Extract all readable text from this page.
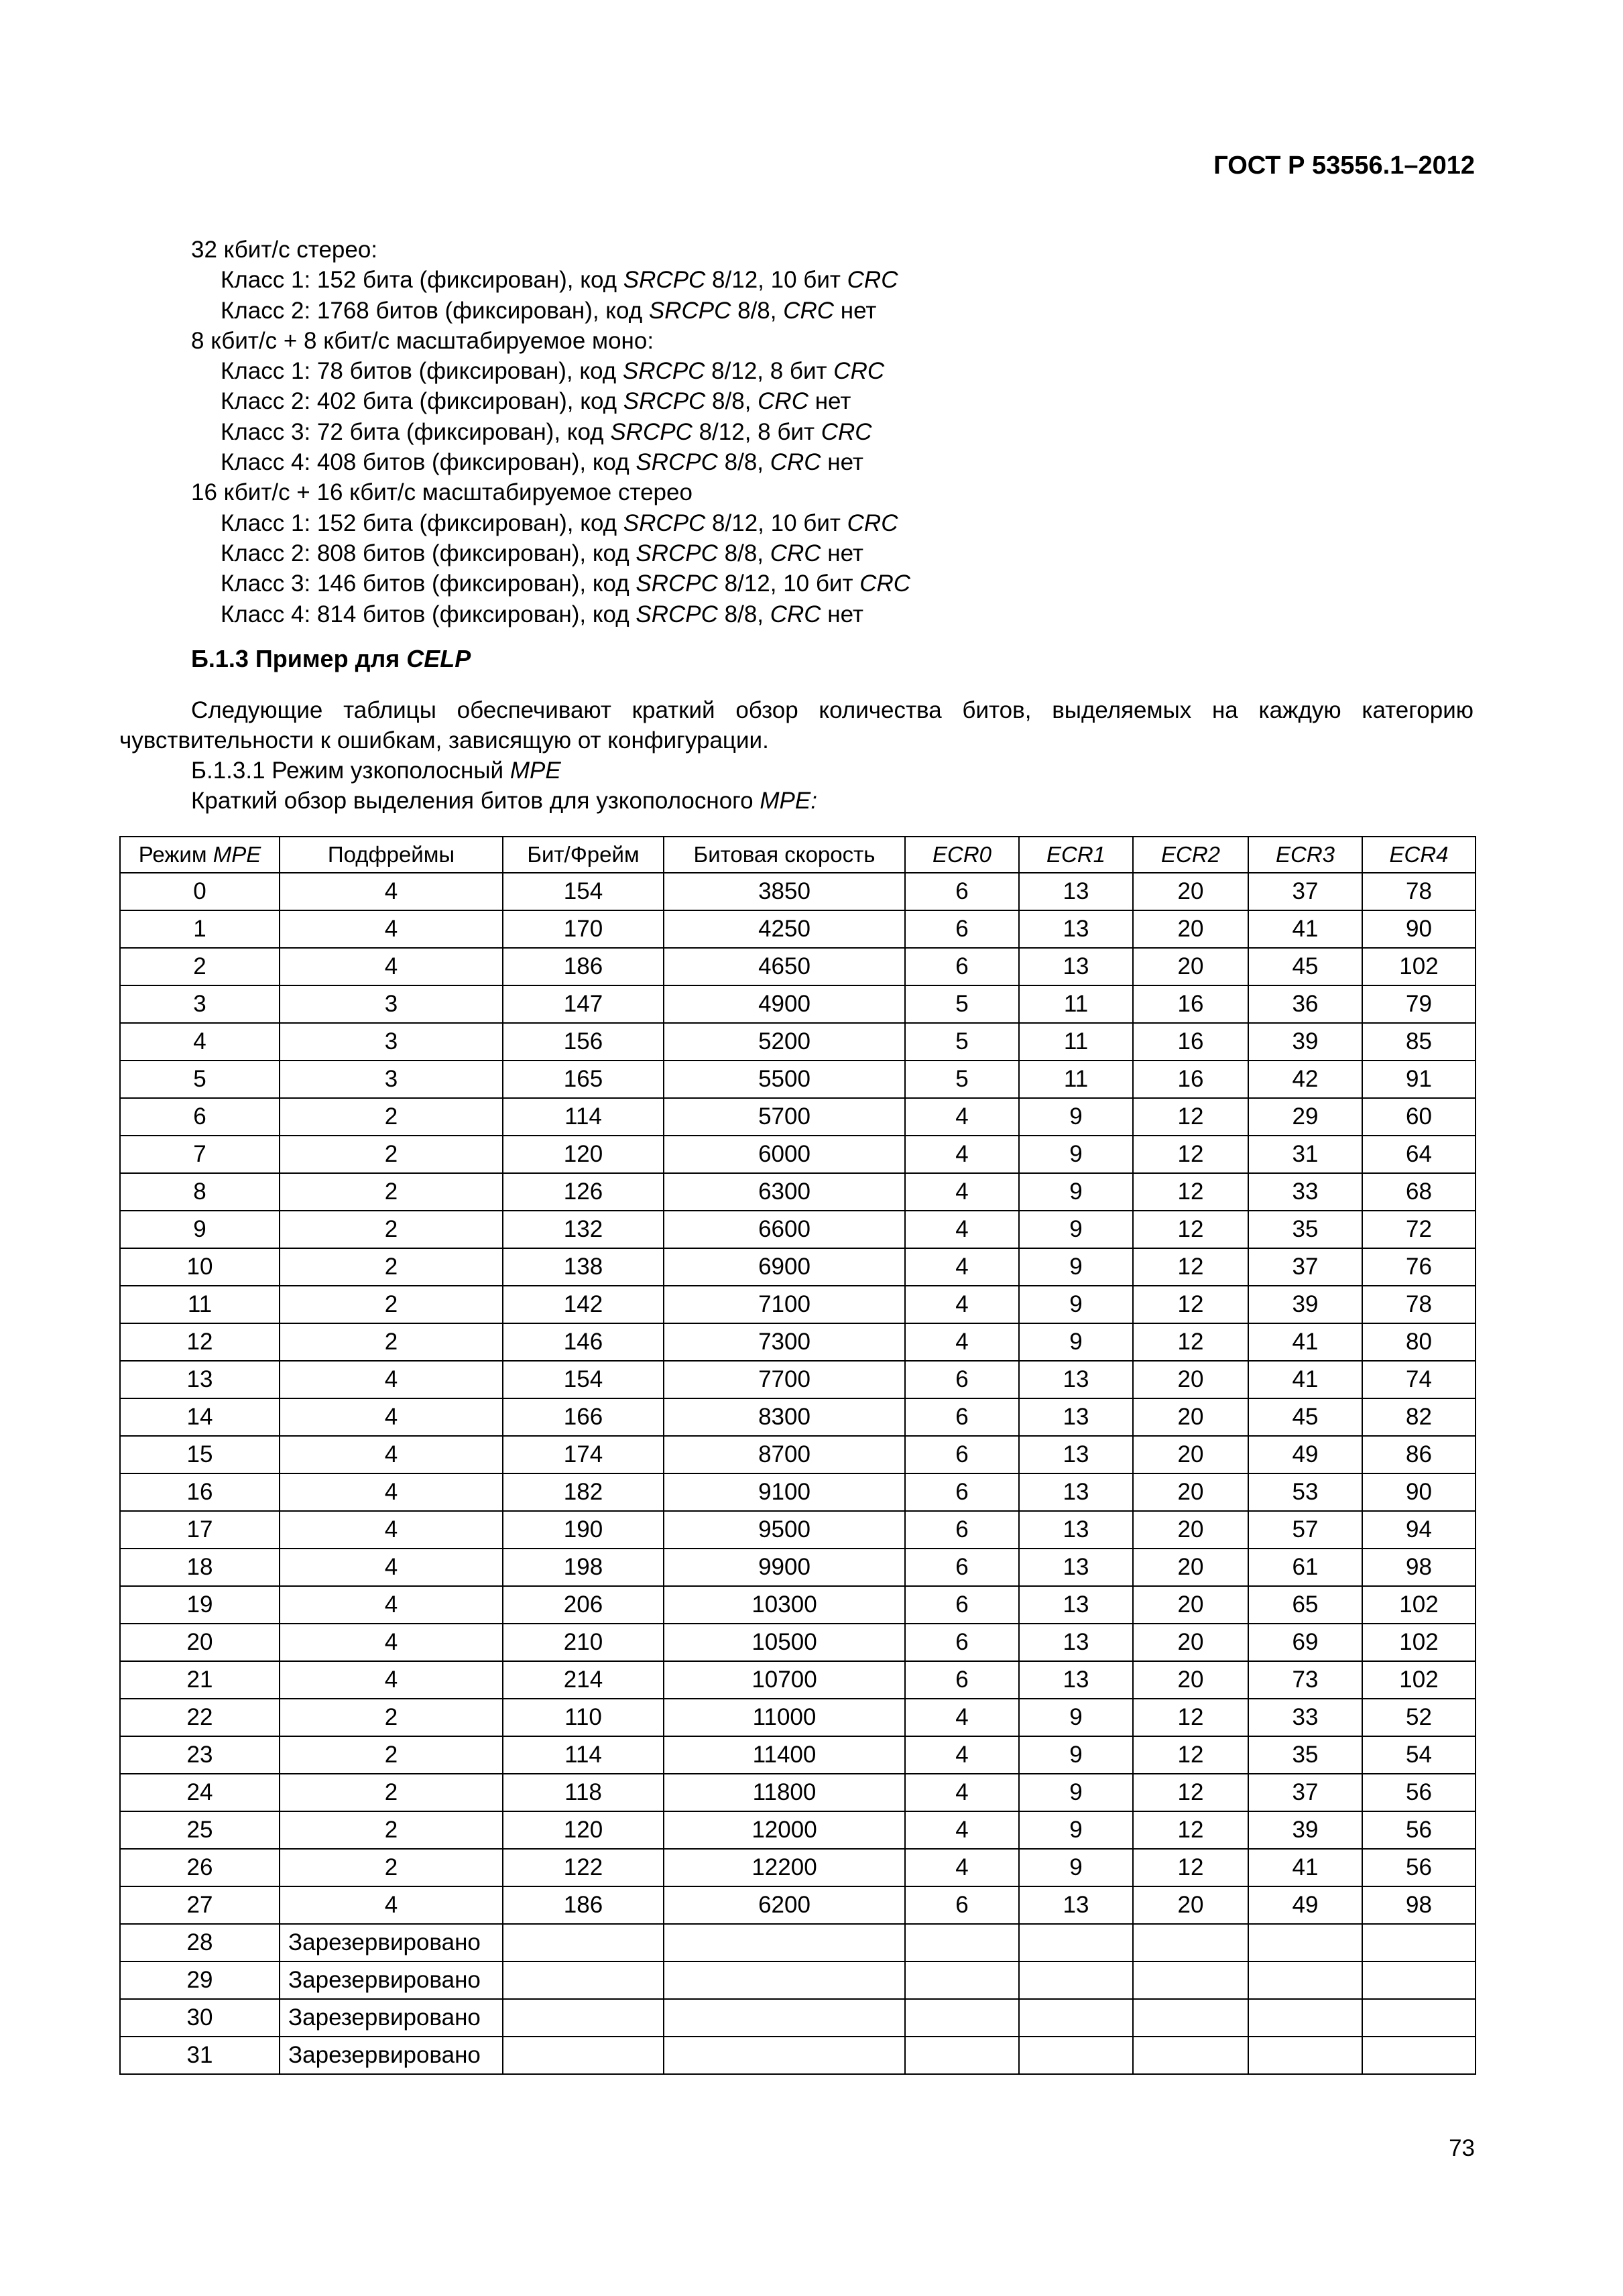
ГОСТ Р 53556.1–2012
32 кбит/с стерео:
Класс 1: 152 бита (фиксирован), код SRCPC 8/12, 10 бит CRC
Класс 2: 1768 битов (фиксирован), код SRCPC 8/8, CRC нет
8 кбит/с + 8 кбит/с масштабируемое моно:
Класс 1: 78 битов (фиксирован), код SRCPC 8/12, 8 бит CRC
Класс 2: 402 бита (фиксирован), код SRCPC 8/8, CRC нет
Класс 3: 72 бита (фиксирован), код SRCPC 8/12, 8 бит CRC
Класс 4: 408 битов (фиксирован), код SRCPC 8/8, CRC нет
16 кбит/с + 16 кбит/с масштабируемое стерео
Класс 1: 152 бита (фиксирован), код SRCPC 8/12, 10 бит CRC
Класс 2: 808 битов (фиксирован), код SRCPC 8/8, CRC нет
Класс 3: 146 битов (фиксирован), код SRCPC 8/12, 10 бит CRC
Класс 4: 814 битов (фиксирован), код SRCPC 8/8, CRC нет
Б.1.3 Пример для CELP
Следующие таблицы обеспечивают краткий обзор количества битов, выделяемых на каждую категорию чувствительности к ошибкам, зависящую от конфигурации.
Б.1.3.1 Режим узкополосный MPE
Краткий обзор выделения битов для узкополосного MPE:
Режим MPE	Подфреймы	Бит/Фрейм	Битовая скорость	ECR0	ECR1	ECR2	ECR3	ECR4
0	4	154	3850	6	13	20	37	78
1	4	170	4250	6	13	20	41	90
2	4	186	4650	6	13	20	45	102
3	3	147	4900	5	11	16	36	79
4	3	156	5200	5	11	16	39	85
5	3	165	5500	5	11	16	42	91
6	2	114	5700	4	9	12	29	60
7	2	120	6000	4	9	12	31	64
8	2	126	6300	4	9	12	33	68
9	2	132	6600	4	9	12	35	72
10	2	138	6900	4	9	12	37	76
11	2	142	7100	4	9	12	39	78
12	2	146	7300	4	9	12	41	80
13	4	154	7700	6	13	20	41	74
14	4	166	8300	6	13	20	45	82
15	4	174	8700	6	13	20	49	86
16	4	182	9100	6	13	20	53	90
17	4	190	9500	6	13	20	57	94
18	4	198	9900	6	13	20	61	98
19	4	206	10300	6	13	20	65	102
20	4	210	10500	6	13	20	69	102
21	4	214	10700	6	13	20	73	102
22	2	110	11000	4	9	12	33	52
23	2	114	11400	4	9	12	35	54
24	2	118	11800	4	9	12	37	56
25	2	120	12000	4	9	12	39	56
26	2	122	12200	4	9	12	41	56
27	4	186	6200	6	13	20	49	98
28	Зарезервировано							
29	Зарезервировано							
30	Зарезервировано							
31	Зарезервировано							
73
